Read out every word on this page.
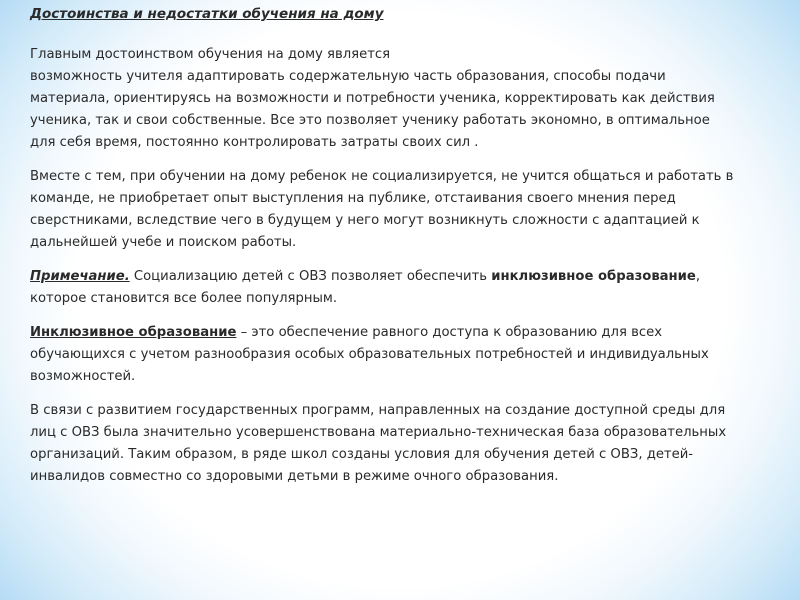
Достоинства и недостатки обучения на дому
Главным достоинством обучения на дому является
возможность учителя адаптировать содержательную часть образования, способы подачи
материала, ориентируясь на возможности и потребности ученика, корректировать как действия
ученика, так и свои собственные. Все это позволяет ученику работать экономно, в оптимальное
для себя время, постоянно контролировать затраты своих сил .
Вместе с тем, при обучении на дому ребенок не социализируется, не учится общаться и работать в
команде, не приобретает опыт выступления на публике, отстаивания своего мнения перед
сверстниками, вследствие чего в будущем у него могут возникнуть сложности с адаптацией к
дальнейшей учебе и поиском работы.
Примечание. Социализацию детей с ОВЗ позволяет обеспечить инклюзивное образование,
которое становится все более популярным.
Инклюзивное образование – это обеспечение равного доступа к образованию для всех
обучающихся с учетом разнообразия особых образовательных потребностей и индивидуальных
возможностей.
В связи с развитием государственных программ, направленных на создание доступной среды для
лиц с ОВЗ была значительно усовершенствована материально-техническая база образовательных
организаций. Таким образом, в ряде школ созданы условия для обучения детей с ОВЗ, детей-
инвалидов совместно со здоровыми детьми в режиме очного образования.
